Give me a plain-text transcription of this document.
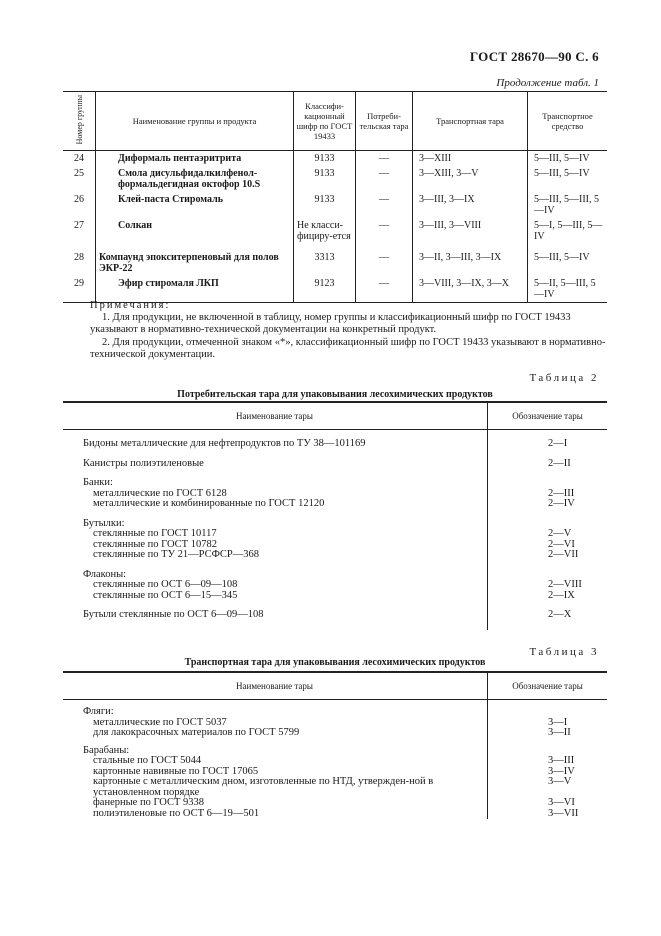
ГОСТ 28670—90 С. 6
Продолжение табл. 1
Номер группы	Наименование группы и продукта	Классифи-кационный шифр по ГОСТ 19433	Потреби-тельская тара	Транспортная тара	Транспортное средство
24	Диформаль пентаэритрита	9133	—	3—XIII	5—III, 5—IV
25	Смола дисульфидалкилфенол-формальдегидная октофор 10.S	9133	—	3—XIII, 3—V	5—III, 5—IV
26	Клей-паста Стиромаль	9133	—	3—III, 3—IX	5—III, 5—III, 5—IV
27	Солкан	Не класси-фициру-ется	—	3—III, 3—VIII	5—I, 5—III, 5—IV
28	Компаунд эпокситерпеновый для полов ЭКР-22	3313	—	3—II, 3—III, 3—IX	5—III, 5—IV
29	Эфир стиромаля ЛКП	9123	—	3—VIII, 3—IX, 3—X	5—II, 5—III, 5—IV
Примечания:

1. Для продукции, не включенной в таблицу, номер группы и классификационный шифр по ГОСТ 19433 указывают в нормативно-технической документации на конкретный продукт.

2. Для продукции, отмеченной знаком «*», классификационный шифр по ГОСТ 19433 указывают в нормативно-технической документации.

Таблица 2
Потребительская тара для упаковывания лесохимических продуктов
Наименование тары	Обозначение тары

Бидоны металлические для нефтепродуктов по ТУ 38—101169	2—I

Канистры полиэтиленовые	2—II

Банки:	
металлические по ГОСТ 6128	2—III
металлические и комбинированные по ГОСТ 12120	2—IV

Бутылки:	
стеклянные по ГОСТ 10117	2—V
стеклянные по ГОСТ 10782	2—VI
стеклянные по ТУ 21—РСФСР—368	2—VII

Флаконы:	
стеклянные по ОСТ 6—09—108	2—VIII
стеклянные по ОСТ 6—15—345	2—IX

Бутыли стеклянные по ОСТ 6—09—108	2—X

Таблица 3
Транспортная тара для упаковывания лесохимических продуктов
Наименование тары	Обозначение тары

Фляги:	
металлические по ГОСТ 5037	3—I
для лакокрасочных материалов по ГОСТ 5799	3—II

Барабаны:	
стальные по ГОСТ 5044	3—III
картонные навивные по ГОСТ 17065	3—IV
картонные с металлическим дном, изготовленные по НТД, утвержден-ной в установленном порядке	3—V
фанерные по ГОСТ 9338	3—VI
полиэтиленовые по ОСТ 6—19—501	3—VII
